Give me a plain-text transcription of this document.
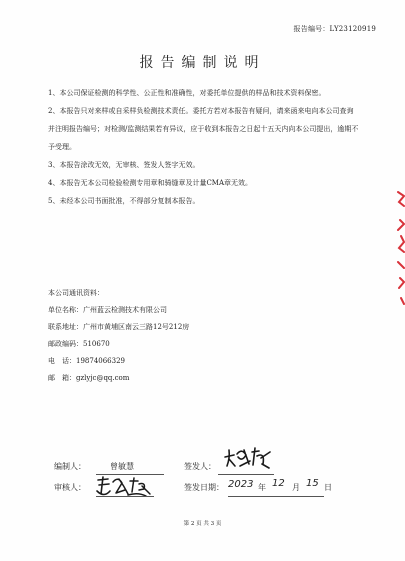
报告编号：LY23120919
报告编制说明
1、本公司保证检测的科学性、公正性和准确性，对委托单位提供的样品和技术资料保密。
2、本报告只对来样或自采样负检测技术责任。委托方若对本报告有疑问，请来函来电向本公司查询并注明报告编号；对检测/监测结果若有异议，应于收到本报告之日起十五天内向本公司提出，逾期不予受理。
3、本报告涂改无效，无审核、签发人签字无效。
4、本报告无本公司检验检测专用章和骑缝章及计量CMA章无效。
5、未经本公司书面批准，不得部分复制本报告。
本公司通讯资料：
单位名称：广州蓝云检测技术有限公司
联系地址：广州市黄埔区南云三路12号212房
邮政编码：510670
电　话：19874066329
邮　箱：gzlyjc@qq.com
编制人：	曾敏慧	签发人：
审核人：	签发日期： 2023 年 12 月 15 日
第 2 页 共 3 页
